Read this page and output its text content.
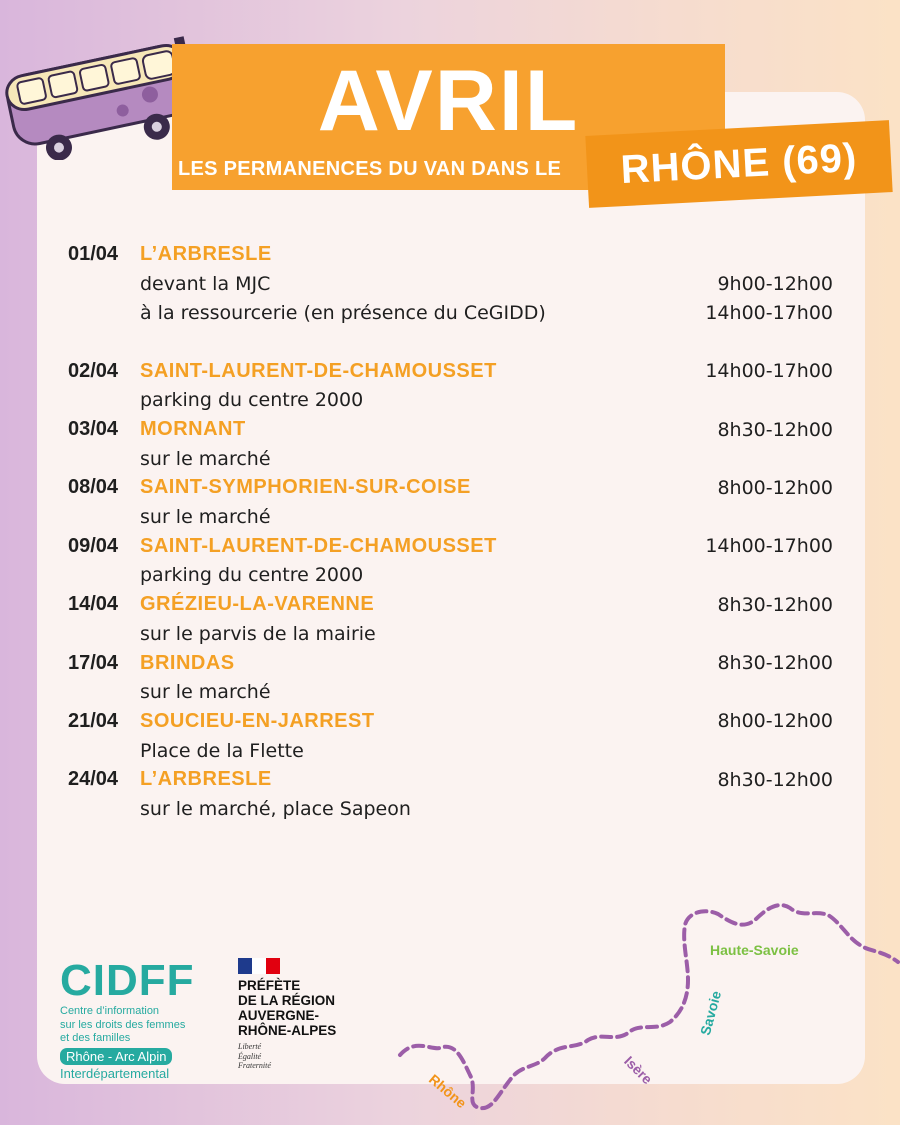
AVRIL
LES PERMANENCES DU VAN DANS LE RHÔNE (69)
01/04	L’ARBRESLE
devant la MJC	9h00-12h00
à la ressourcerie (en présence du CeGIDD)	14h00-17h00
02/04	SAINT-LAURENT-DE-CHAMOUSSET	14h00-17h00
parking du centre 2000
03/04	MORNANT	8h30-12h00
sur le marché
08/04	SAINT-SYMPHORIEN-SUR-COISE	8h00-12h00
sur le marché
09/04	SAINT-LAURENT-DE-CHAMOUSSET	14h00-17h00
parking du centre 2000
14/04	GRÉZIEU-LA-VARENNE	8h30-12h00
sur le parvis de la mairie
17/04	BRINDAS	8h30-12h00
sur le marché
21/04	SOUCIEU-EN-JARREST	8h00-12h00
Place de la Flette
24/04	L’ARBRESLE	8h30-12h00
sur le marché, place Sapeon
CIDFF
Centre d’information
sur les droits des femmes
et des familles
Rhône - Arc Alpin
Interdépartemental
PRÉFÈTE
DE LA RÉGION
AUVERGNE-
RHÔNE-ALPES
Liberté
Égalité
Fraternité
Haute-Savoie
Savoie
Isère
Rhône
